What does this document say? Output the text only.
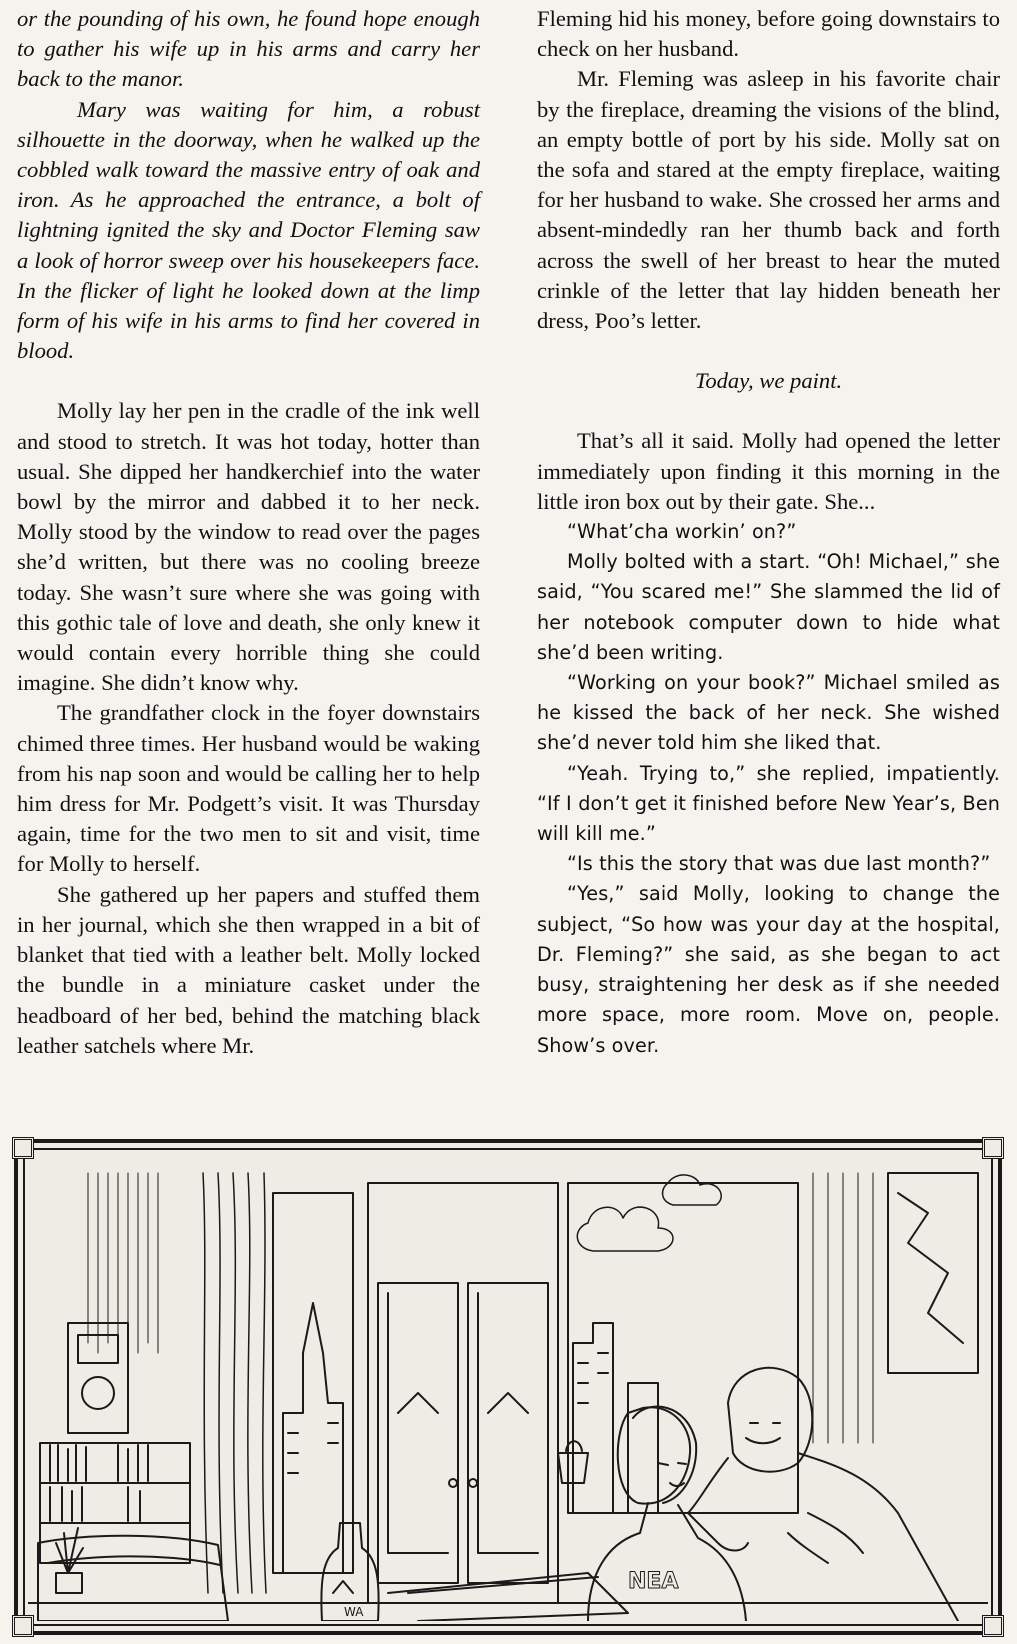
or the pounding of his own, he found hope enough to gather his wife up in his arms and carry her back to the manor.

Mary was waiting for him, a robust silhouette in the doorway, when he walked up the cobbled walk toward the massive entry of oak and iron. As he approached the entrance, a bolt of lightning ignited the sky and Doctor Fleming saw a look of horror sweep over his housekeepers face. In the flicker of light he looked down at the limp form of his wife in his arms to find her covered in blood.

Molly lay her pen in the cradle of the ink well and stood to stretch. It was hot today, hotter than usual. She dipped her handkerchief into the water bowl by the mirror and dabbed it to her neck. Molly stood by the window to read over the pages she’d written, but there was no cooling breeze today. She wasn’t sure where she was going with this gothic tale of love and death, she only knew it would contain every horrible thing she could imagine. She didn’t know why.

The grandfather clock in the foyer downstairs chimed three times. Her husband would be waking from his nap soon and would be calling her to help him dress for Mr. Podgett’s visit. It was Thursday again, time for the two men to sit and visit, time for Molly to herself.

She gathered up her papers and stuffed them in her journal, which she then wrapped in a bit of blanket that tied with a leather belt. Molly locked the bundle in a miniature casket under the headboard of her bed, behind the matching black leather satchels where Mr.

Fleming hid his money, before going downstairs to check on her husband.

Mr. Fleming was asleep in his favorite chair by the fireplace, dreaming the visions of the blind, an empty bottle of port by his side. Molly sat on the sofa and stared at the empty fireplace, waiting for her husband to wake. She crossed her arms and absent-mindedly ran her thumb back and forth across the swell of her breast to hear the muted crinkle of the letter that lay hidden beneath her dress, Poo’s letter.

Today, we paint.

That’s all it said. Molly had opened the letter immediately upon finding it this morning in the little iron box out by their gate. She...

“What’cha workin’ on?”

Molly bolted with a start. “Oh! Michael,” she said, “You scared me!” She slammed the lid of her notebook computer down to hide what she’d been writing.

“Working on your book?” Michael smiled as he kissed the back of her neck. She wished she’d never told him she liked that.

“Yeah. Trying to,” she replied, impatiently. “If I don’t get it finished before New Year’s, Ben will kill me.”

“Is this the story that was due last month?”

“Yes,” said Molly, looking to change the subject, “So how was your day at the hospital, Dr. Fleming?” she said, as she began to act busy, straightening her desk as if she needed more space, more room. Move on, people. Show’s over.

WA
NEA
